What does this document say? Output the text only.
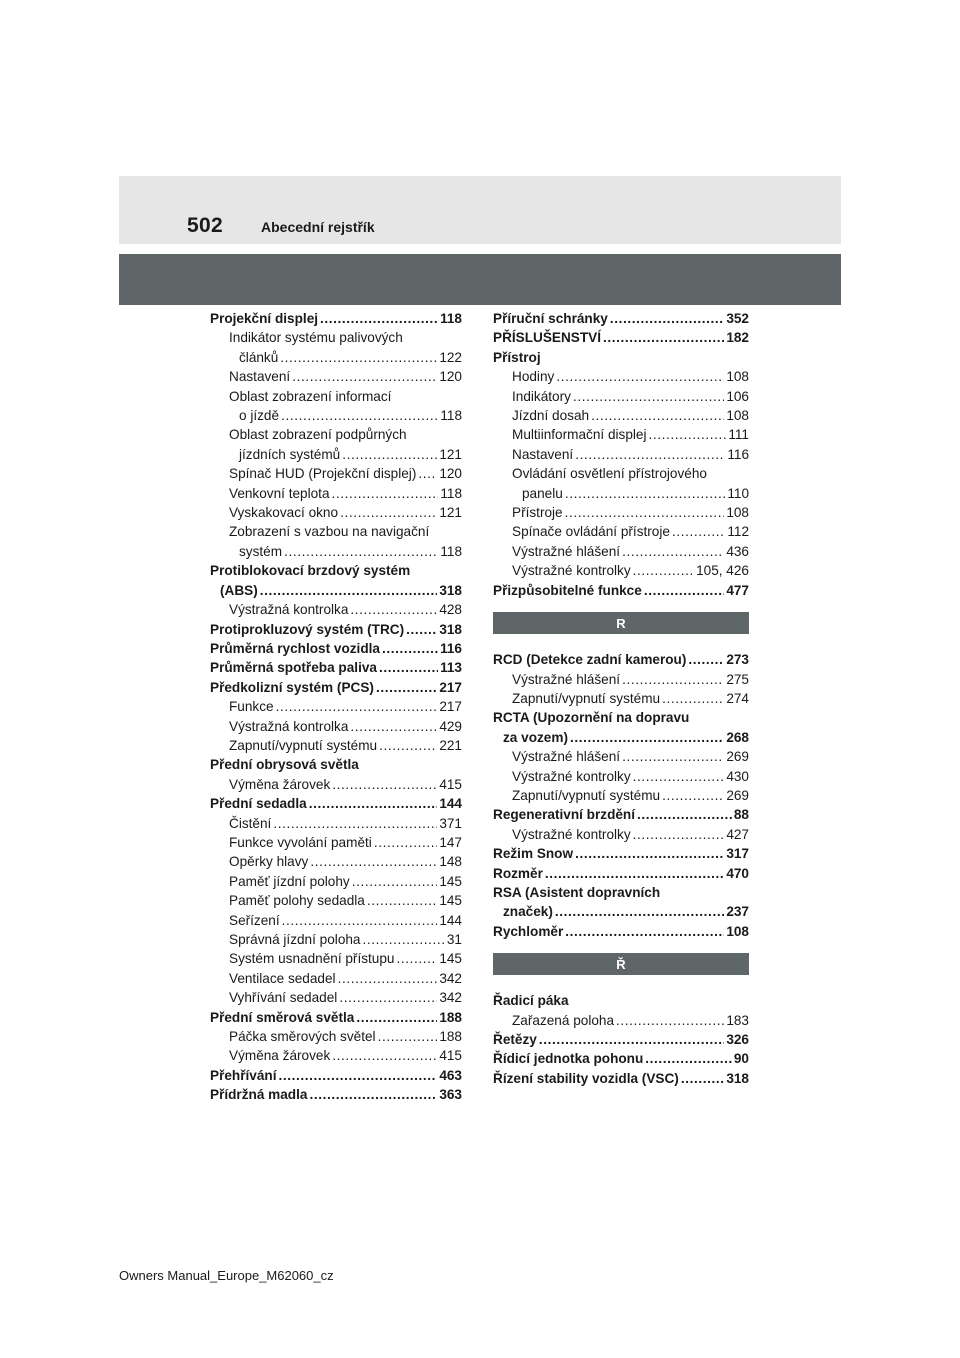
502	Abecední rejstřík
Projekční displej .....	118
Indikátor systému palivových
článků .....	122
Nastavení .....	120
Oblast zobrazení informací
o jízdě .....	118
Oblast zobrazení podpůrných
jízdních systémů .....	121
Spínač HUD (Projekční displej) ..... 120
Venkovní teplota .....	118
Vyskakovací okno .....	121
Zobrazení s vazbou na navigační
systém .....	118
Protiblokovací brzdový systém
(ABS) .....	318
Výstražná kontrolka .....	428
Protiprokluzový systém (TRC) .....	318
Průměrná rychlost vozidla .....	116
Průměrná spotřeba paliva .....	113
Předkolizní systém (PCS) .....	217
Funkce .....	217
Výstražná kontrolka .....	429
Zapnutí/vypnutí systému .....	221
Přední obrysová světla
Výměna žárovek .....	415
Přední sedadla .....	144
Čistění .....	371
Funkce vyvolání paměti .....	147
Opěrky hlavy .....	148
Paměť jízdní polohy .....	145
Paměť polohy sedadla .....	145
Seřízení .....	144
Správná jízdní poloha .....	31
Systém usnadnění přístupu .....	145
Ventilace sedadel .....	342
Vyhřívání sedadel .....	342
Přední směrová světla .....	188
Páčka směrových světel .....	188
Výměna žárovek .....	415
Přehřívání .....	463
Přídržná madla .....	363
Příruční schránky .....	352
PŘÍSLUŠENSTVÍ .....	182
Přístroj
Hodiny .....	108
Indikátory .....	106
Jízdní dosah .....	108
Multiinformační displej .....	111
Nastavení .....	116
Ovládání osvětlení přístrojového
panelu .....	110
Přístroje .....	108
Spínače ovládání přístroje .....	112
Výstražné hlášení .....	436
Výstražné kontrolky .....	105, 426
Přizpůsobitelné funkce .....	477
R
RCD (Detekce zadní kamerou) .....	273
Výstražné hlášení .....	275
Zapnutí/vypnutí systému .....	274
RCTA (Upozornění na dopravu
za vozem) .....	268
Výstražné hlášení .....	269
Výstražné kontrolky .....	430
Zapnutí/vypnutí systému .....	269
Regenerativní brzdění .....	88
Výstražné kontrolky .....	427
Režim Snow .....	317
Rozměr .....	470
RSA (Asistent dopravních
značek) .....	237
Rychloměr .....	108
Ř
Řadicí páka
Zařazená poloha .....	183
Řetězy .....	326
Řídicí jednotka pohonu .....	90
Řízení stability vozidla (VSC) .....	318
Owners Manual_Europe_M62060_cz
